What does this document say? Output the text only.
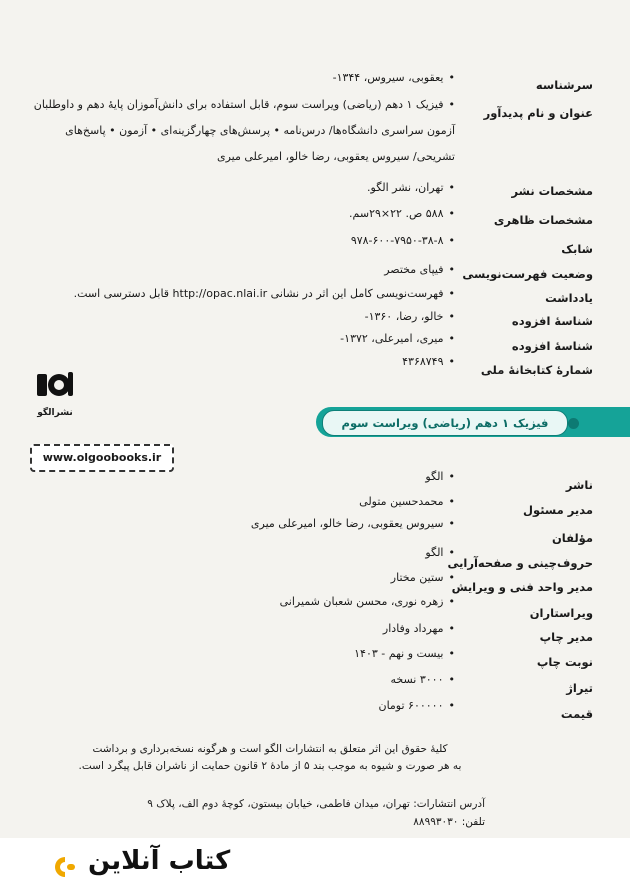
سرشناسه
•یعقوبی، سیروس، ۱۳۴۴-
عنوان و نام پدیدآور
•فیزیک ۱ دهم (ریاضی) ویراست سوم، قابل استفاده برای دانش‌آموزان پایهٔ دهم و داوطلبان
آزمون سراسری دانشگاه‌ها/ درس‌نامه • پرسش‌های چهارگزینه‌ای • آزمون • پاسخ‌های
تشریحی/ سیروس یعقوبی، رضا خالو، امیرعلی میری
مشخصات نشر
•تهران، نشر الگو.
مشخصات ظاهری
•۵۸۸ ص. ۲۲×۲۹سم.
شابک
•۹۷۸-۶۰۰-۷۹۵۰-۳۸-۸
وضعیت فهرست‌نویسی
•فیپای مختصر
یادداشت
•فهرست‌نویسی کامل این اثر در نشانی http://opac.nlai.ir قابل دسترسی است.
شناسهٔ افزوده
•خالو، رضا، ۱۳۶۰-
شناسهٔ افزوده
•میری، امیرعلی، ۱۳۷۲-
شمارهٔ کتابخانهٔ ملی
•۴۳۶۸۷۴۹
نشرالگو
www.olgoobooks.ir
فیزیک ۱ دهم (ریاضی) ویراست سوم
ناشر
•الگو
مدیر مسئول
•محمدحسین متولی
مؤلفان
•سیروس یعقوبی، رضا خالو، امیرعلی میری
حروف‌چینی و صفحه‌آرایی
•الگو
مدیر واحد فنی و ویرایش
•ستین مختار
ویراستاران
•زهره نوری، محسن شعبان شمیرانی
مدیر چاپ
•مهرداد وفادار
نوبت چاپ
•بیست و نهم - ۱۴۰۳
تیراژ
•۳۰۰۰ نسخه
قیمت
•۶۰۰۰۰۰ تومان
کلیهٔ حقوق این اثر متعلق به انتشارات الگو است و هرگونه نسخه‌برداری و برداشت
به هر صورت و شیوه به موجب بند ۵ از مادهٔ ۲ قانون حمایت از ناشران قابل پیگرد است.
آدرس انتشارات: تهران، میدان فاطمی، خیابان بیستون، کوچهٔ دوم الف، پلاک ۹
تلفن: ۸۸۹۹۳۰۳۰
کتاب آنلاین
